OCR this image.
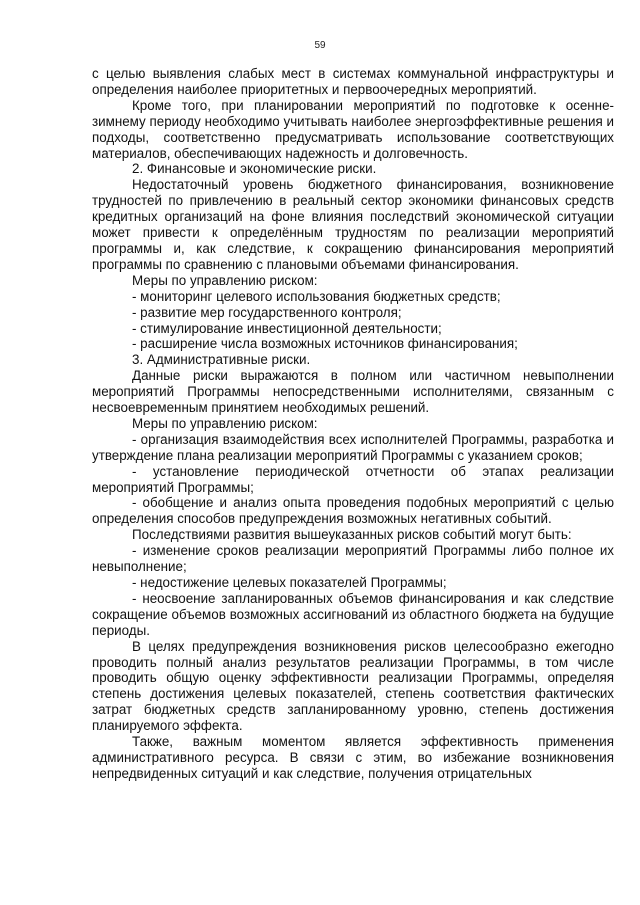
59

с целью выявления слабых мест в системах коммунальной инфраструктуры и определения наиболее приоритетных и первоочередных мероприятий.

Кроме того, при планировании мероприятий по подготовке к осенне-зимнему периоду необходимо учитывать наиболее энергоэффективные решения и подходы, соответственно предусматривать использование соответствующих материалов, обеспечивающих надежность и долговечность.

2. Финансовые и экономические риски.

Недостаточный уровень бюджетного финансирования, возникновение трудностей по привлечению в реальный сектор экономики финансовых средств кредитных организаций на фоне влияния последствий экономической ситуации может привести к определённым трудностям по реализации мероприятий программы и, как следствие, к сокращению финансирования мероприятий программы по сравнению с плановыми объемами финансирования.

Меры по управлению риском:

- мониторинг целевого использования бюджетных средств;

- развитие мер государственного контроля;

- стимулирование инвестиционной деятельности;

- расширение числа возможных источников финансирования;

3. Административные риски.

Данные риски выражаются в полном или частичном невыполнении мероприятий Программы непосредственными исполнителями, связанным с несвоевременным принятием необходимых решений.

Меры по управлению риском:

- организация взаимодействия всех исполнителей Программы, разработка и утверждение плана реализации мероприятий Программы с указанием сроков;

- установление периодической отчетности об этапах реализации мероприятий Программы;

- обобщение и анализ опыта проведения подобных мероприятий с целью определения способов предупреждения возможных негативных событий.

Последствиями развития вышеуказанных рисков событий могут быть:

- изменение сроков реализации мероприятий Программы либо полное их невыполнение;

- недостижение целевых показателей Программы;

- неосвоение запланированных объемов финансирования и как следствие сокращение объемов возможных ассигнований из областного бюджета на будущие периоды.

В целях предупреждения возникновения рисков целесообразно ежегодно проводить полный анализ результатов реализации Программы, в том числе проводить общую оценку эффективности реализации Программы, определяя степень достижения целевых показателей, степень соответствия фактических затрат бюджетных средств запланированному уровню, степень достижения планируемого эффекта.

Также, важным моментом является эффективность применения административного ресурса. В связи с этим, во избежание возникновения непредвиденных ситуаций и как следствие, получения отрицательных
